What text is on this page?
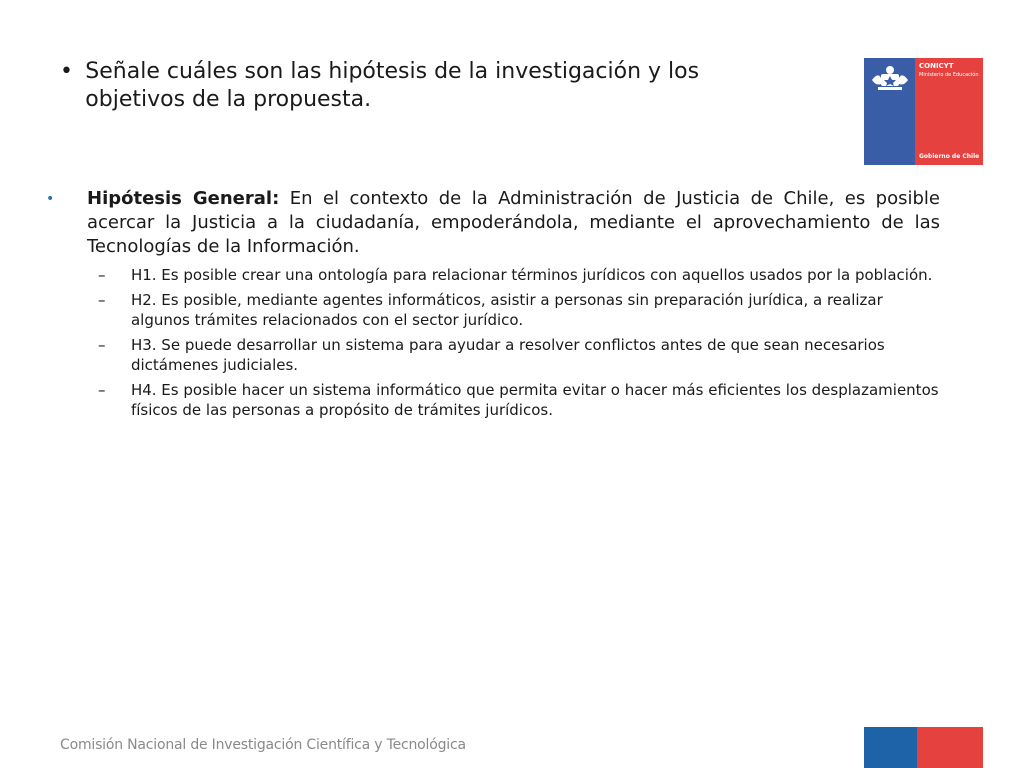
• Señale cuáles son las hipótesis de la investigación y los objetivos de la propuesta.
CONICYT
Ministerio de Educación
Gobierno de Chile
•	Hipótesis General: En el contexto de la Administración de Justicia de Chile, es posible acercar la Justicia a la ciudadanía, empoderándola, mediante el aprovechamiento de las Tecnologías de la Información.
–	H1. Es posible crear una ontología para relacionar términos jurídicos con aquellos usados por la población.
–	H2. Es posible, mediante agentes informáticos, asistir a personas sin preparación jurídica, a realizar algunos trámites relacionados con el sector jurídico.
–	H3. Se puede desarrollar un sistema para ayudar a resolver conflictos antes de que sean necesarios dictámenes judiciales.
–	H4. Es posible hacer un sistema informático que permita evitar o hacer más eficientes los desplazamientos físicos de las personas a propósito de trámites jurídicos.
Comisión Nacional de Investigación Científica y Tecnológica
